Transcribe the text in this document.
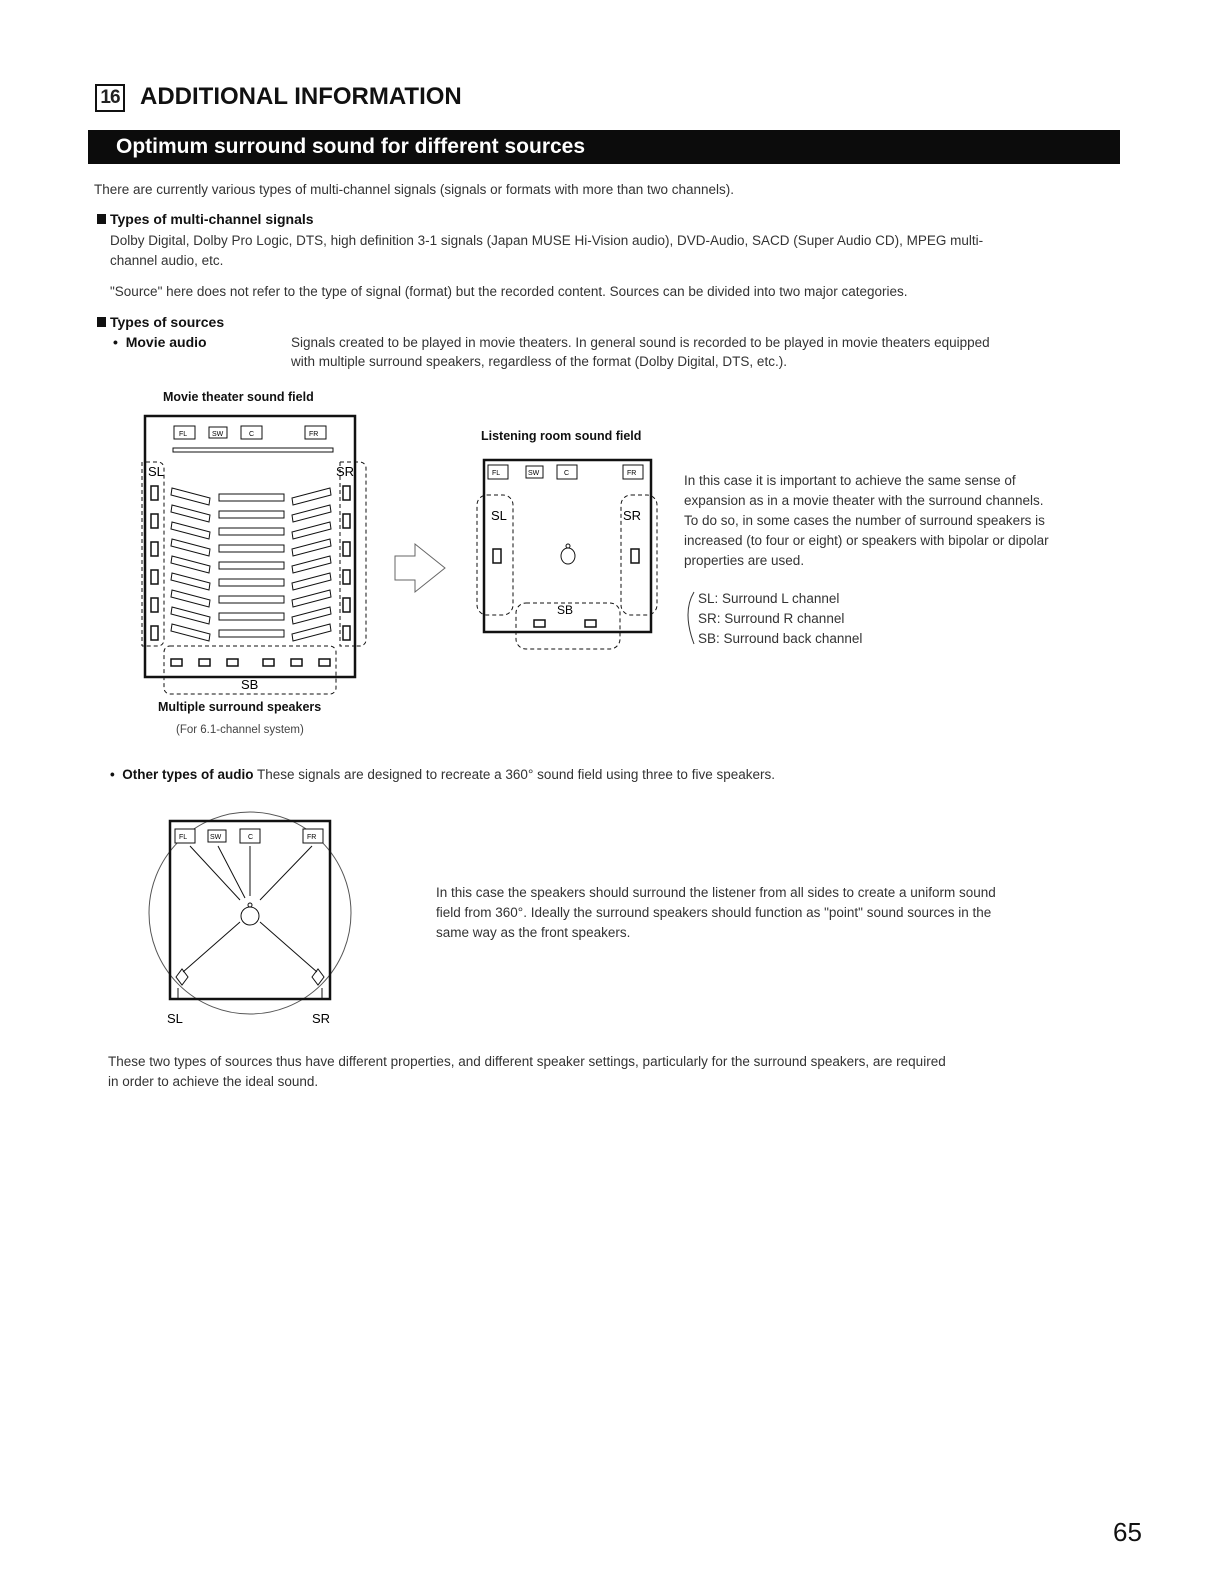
16 ADDITIONAL INFORMATION
Optimum surround sound for different sources
There are currently various types of multi-channel signals (signals or formats with more than two channels).
Types of multi-channel signals
Dolby Digital, Dolby Pro Logic, DTS, high definition 3-1 signals (Japan MUSE Hi-Vision audio), DVD-Audio, SACD (Super Audio CD), MPEG multi-
channel audio, etc.
"Source" here does not refer to the type of signal (format) but the recorded content. Sources can be divided into two major categories.
Types of sources
•  Movie audio	Signals created to be played in movie theaters. In general sound is recorded to be played in movie theaters equipped
with multiple surround speakers, regardless of the format (Dolby Digital, DTS, etc.).
Movie theater sound field
Listening room sound field
Multiple surround speakers
(For 6.1-channel system)
SL	SR
SB
FL	SW	C	FR
SL	SR
SB
FL	SW	C	FR
FL	SW	C	FR
SL	SR
In this case it is important to achieve the same sense of
expansion as in a movie theater with the surround channels.
To do so, in some cases the number of surround speakers is
increased (to four or eight) or speakers with bipolar or dipolar
properties are used.
SL: Surround L channel
SR: Surround R channel
SB: Surround back channel
•  Other types of audio These signals are designed to recreate a 360° sound field using three to five speakers.
In this case the speakers should surround the listener from all sides to create a uniform sound
field from 360°. Ideally the surround speakers should function as "point" sound sources in the
same way as the front speakers.
These two types of sources thus have different properties, and different speaker settings, particularly for the surround speakers, are required
in order to achieve the ideal sound.
65
